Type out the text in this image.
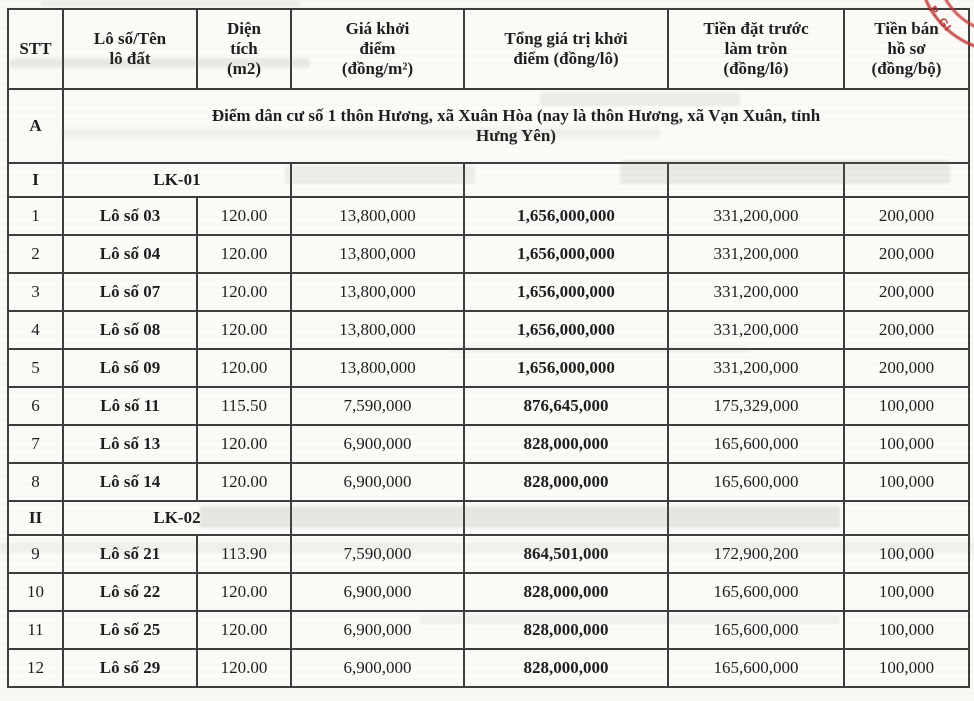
STT	Lô số/Tên lô đất	Diện tích (m2)	Giá khởi điểm (đồng/m²)	Tổng giá trị khởi điểm (đồng/lô)	Tiền đặt trước làm tròn (đồng/lô)	Tiền bán hồ sơ (đồng/bộ)

A	Điểm dân cư số 1 thôn Hương, xã Xuân Hòa (nay là thôn Hương, xã Vạn Xuân, tỉnh
Hưng Yên)					

I	LK-01					
1	Lô số 03	120.00	13,800,000	1,656,000,000	331,200,000	200,000
2	Lô số 04	120.00	13,800,000	1,656,000,000	331,200,000	200,000
3	Lô số 07	120.00	13,800,000	1,656,000,000	331,200,000	200,000
4	Lô số 08	120.00	13,800,000	1,656,000,000	331,200,000	200,000
5	Lô số 09	120.00	13,800,000	1,656,000,000	331,200,000	200,000
6	Lô số 11	115.50	7,590,000	876,645,000	175,329,000	100,000
7	Lô số 13	120.00	6,900,000	828,000,000	165,600,000	100,000
8	Lô số 14	120.00	6,900,000	828,000,000	165,600,000	100,000
II	LK-02					
9	Lô số 21	113.90	7,590,000	864,501,000	172,900,200	100,000
10	Lô số 22	120.00	6,900,000	828,000,000	165,600,000	100,000
11	Lô số 25	120.00	6,900,000	828,000,000	165,600,000	100,000
12	Lô số 29	120.00	6,900,000	828,000,000	165,600,000	100,000
P. GI
